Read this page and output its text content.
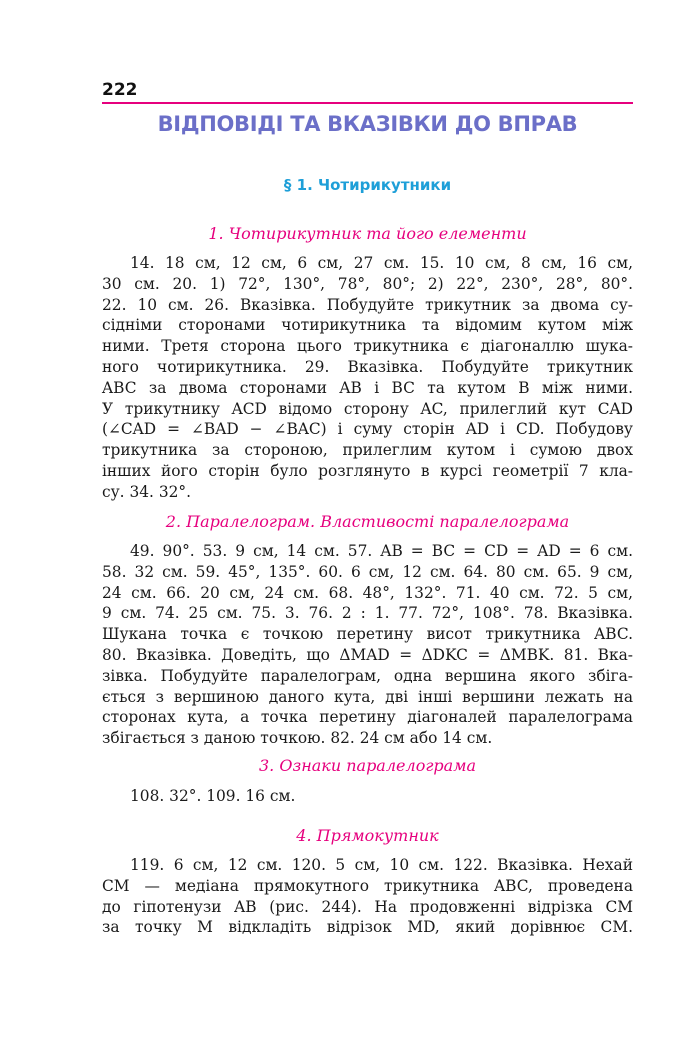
222
ВІДПОВІДІ ТА ВКАЗІВКИ ДО ВПРАВ
§ 1. Чотирикутники
1. Чотирикутник та його елементи
14. 18 см, 12 см, 6 см, 27 см. 15. 10 см, 8 см, 16 см,
30 см. 20. 1) 72°, 130°, 78°, 80°; 2) 22°, 230°, 28°, 80°.
22. 10 см. 26. Вказівка. Побудуйте трикутник за двома су-
сідніми сторонами чотирикутника та відомим кутом між
ними. Третя сторона цього трикутника є діагоналлю шука-
ного чотирикутника. 29. Вказівка. Побудуйте трикутник
ABC за двома сторонами AB і BC та кутом B між ними.
У трикутнику ACD відомо сторону AC, прилеглий кут CAD
(∠CAD = ∠BAD − ∠BAC) і суму сторін AD і CD. Побудову
трикутника за стороною, прилеглим кутом і сумою двох
інших його сторін було розглянуто в курсі геометрії 7 кла-
су. 34. 32°.
2. Паралелограм. Властивості паралелограма
49. 90°. 53. 9 см, 14 см. 57. AB = BC = CD = AD = 6 см.
58. 32 см. 59. 45°, 135°. 60. 6 см, 12 см. 64. 80 см. 65. 9 см,
24 см. 66. 20 см, 24 см. 68. 48°, 132°. 71. 40 см. 72. 5 см,
9 см. 74. 25 см. 75. 3. 76. 2 : 1. 77. 72°, 108°. 78. Вказівка.
Шукана точка є точкою перетину висот трикутника ABC.
80. Вказівка. Доведіть, що ΔMAD = ΔDKC = ΔMBK. 81. Вка-
зівка. Побудуйте паралелограм, одна вершина якого збіга-
ється з вершиною даного кута, дві інші вершини лежать на
сторонах кута, а точка перетину діагоналей паралелограма
збігається з даною точкою. 82. 24 см або 14 см.
3. Ознаки паралелограма
108. 32°. 109. 16 см.
4. Прямокутник
119. 6 см, 12 см. 120. 5 см, 10 см. 122. Вказівка. Нехай
CM — медіана прямокутного трикутника ABC, проведена
до гіпотенузи AB (рис. 244). На продовженні відрізка CM
за точку M відкладіть відрізок MD, який дорівнює CM.
